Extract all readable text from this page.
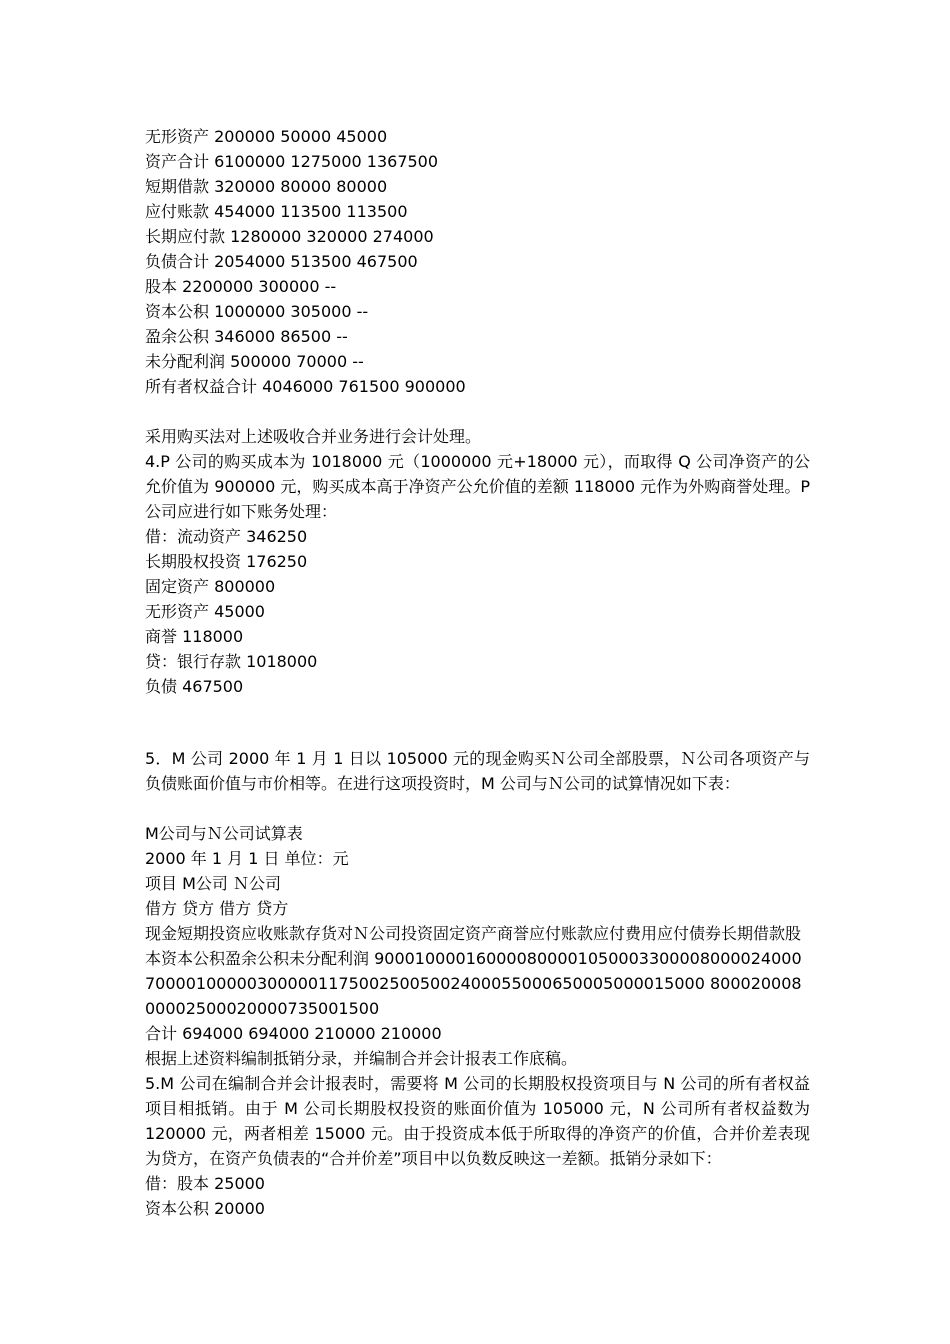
无形资产 200000 50000 45000
资产合计 6100000 1275000 1367500
短期借款 320000 80000 80000
应付账款 454000 113500 113500
长期应付款 1280000 320000 274000
负债合计 2054000 513500 467500
股本 2200000 300000 --
资本公积 1000000 305000 --
盈余公积 346000 86500 --
未分配利润 500000 70000 --
所有者权益合计 4046000 761500 900000
采用购买法对上述吸收合并业务进行会计处理。
4.P 公司的购买成本为 1018000 元（1000000 元+18000 元），而取得 Q 公司净资产的公允价值为 900000 元，购买成本高于净资产公允价值的差额 118000 元作为外购商誉处理。P 公司应进行如下账务处理：
借：流动资产 346250
长期股权投资 176250
固定资产 800000
无形资产 45000
商誉 118000
贷：银行存款 1018000
负债 467500
5．M 公司 2000 年 1 月 1 日以 105000 元的现金购买Ｎ公司全部股票，Ｎ公司各项资产与负债账面价值与市价相等。在进行这项投资时，M 公司与Ｎ公司的试算情况如下表：
M公司与Ｎ公司试算表
2000 年 1 月 1 日 单位：元
项目 M公司 Ｎ公司
借方 贷方 借方 贷方
现金短期投资应收账款存货对Ｎ公司投资固定资产商誉应付账款应付费用应付债券长期借款股本资本公积盈余公积未分配利润 9000100001600008000010500033000080000240007000010000030000011750025005002400055000650005000015000 80002000800002500020000735001500
合计 694000 694000 210000 210000
根据上述资料编制抵销分录，并编制合并会计报表工作底稿。
5.M 公司在编制合并会计报表时，需要将 M 公司的长期股权投资项目与 N 公司的所有者权益项目相抵销。由于 M 公司长期股权投资的账面价值为 105000 元，N 公司所有者权益数为 120000 元，两者相差 15000 元。由于投资成本低于所取得的净资产的价值，合并价差表现为贷方，在资产负债表的“合并价差”项目中以负数反映这一差额。抵销分录如下：
借：股本 25000
资本公积 20000
